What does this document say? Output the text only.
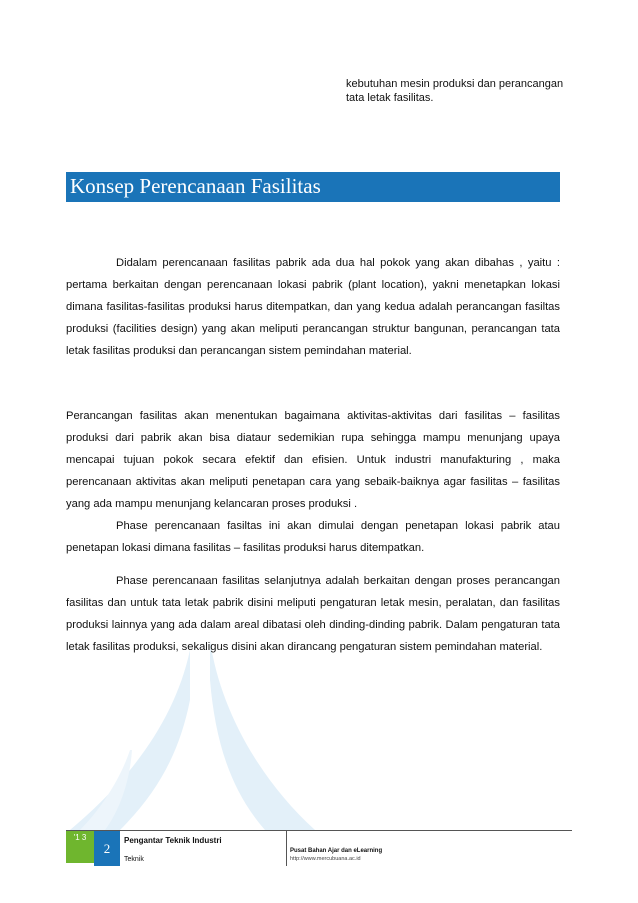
kebutuhan mesin produksi dan perancangan
tata letak fasilitas.
Konsep Perencanaan Fasilitas

Didalam perencanaan fasilitas pabrik ada dua hal pokok yang akan dibahas , yaitu : pertama berkaitan dengan perencanaan lokasi pabrik (plant location), yakni menetapkan lokasi dimana fasilitas-fasilitas produksi harus ditempatkan, dan yang kedua adalah perancangan fasiltas produksi (facilities design) yang akan meliputi perancangan struktur bangunan, perancangan tata letak fasilitas produksi dan perancangan sistem pemindahan material.

Perancangan fasilitas akan menentukan bagaimana aktivitas-aktivitas dari fasilitas – fasilitas produksi dari pabrik akan bisa diataur sedemikian rupa sehingga mampu menunjang upaya mencapai tujuan pokok secara efektif dan efisien. Untuk industri manufakturing , maka perencanaan aktivitas akan meliputi penetapan cara yang sebaik-baiknya agar fasilitas – fasilitas yang ada mampu menunjang kelancaran proses produksi .

Phase perencanaan fasiltas ini akan dimulai dengan penetapan lokasi pabrik atau penetapan lokasi dimana fasilitas – fasilitas produksi harus ditempatkan.

Phase perencanaan fasilitas selanjutnya adalah berkaitan dengan proses perancangan fasilitas dan untuk tata letak pabrik disini meliputi pengaturan letak mesin, peralatan, dan fasilitas produksi lainnya yang ada dalam areal dibatasi oleh dinding-dinding pabrik. Dalam pengaturan tata letak fasilitas produksi, sekaligus disini akan dirancang pengaturan sistem pemindahan material.

'1 3
2	Pengantar Teknik Industri
Teknik
Pusat Bahan Ajar dan eLearning
http://www.mercubuana.ac.id
